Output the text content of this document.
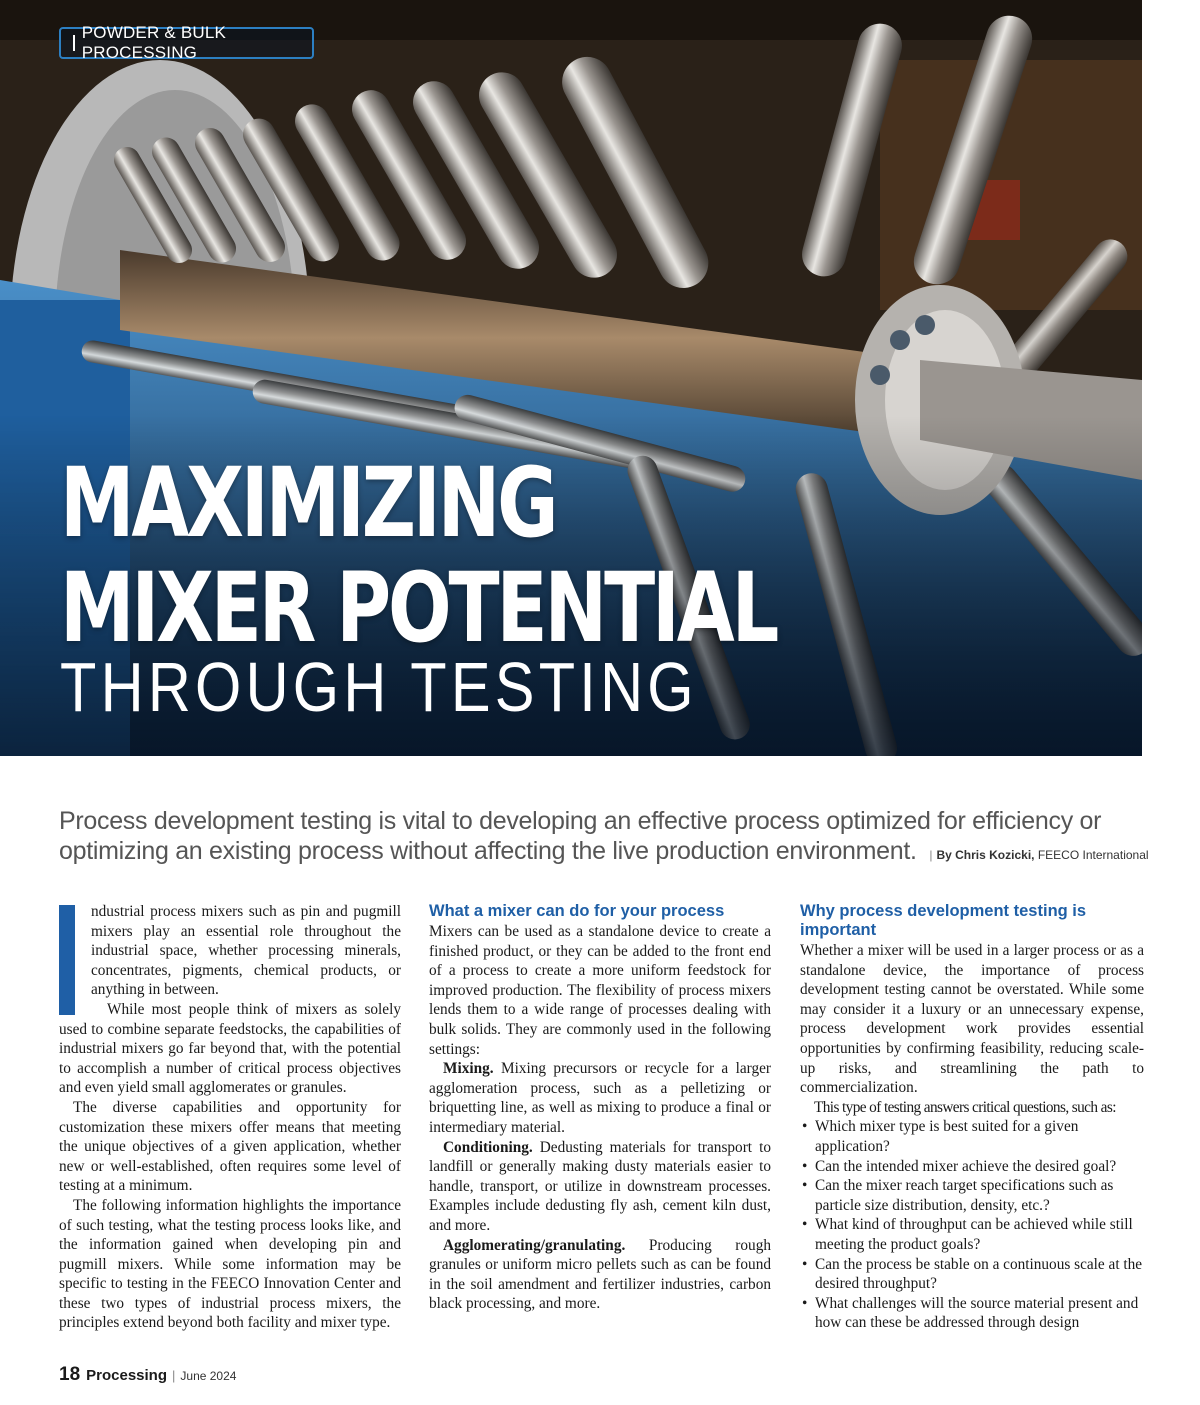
POWDER & BULK PROCESSING
MAXIMIZING
MIXER POTENTIAL
THROUGH TESTING
Process development testing is vital to developing an effective process optimized for efficiency or optimizing an existing process without affecting the live production environment. | By Chris Kozicki, FEECO International

ndustrial process mixers such as pin and pugmill mixers play an essential role throughout the industrial space, whether processing minerals, concentrates, pigments, chemical products, or anything in between.

While most people think of mixers as solely used to combine separate feedstocks, the capabilities of industrial mixers go far beyond that, with the potential to accomplish a number of critical process objectives and even yield small agglomerates or granules.

The diverse capabilities and opportunity for customization these mixers offer means that meeting the unique objectives of a given application, whether new or well-established, often requires some level of testing at a minimum.

The following information highlights the importance of such testing, what the testing process looks like, and the information gained when developing pin and pugmill mixers. While some information may be specific to testing in the FEECO Innovation Center and these two types of industrial process mixers, the principles extend beyond both facility and mixer type.

What a mixer can do for your process

Mixers can be used as a standalone device to create a finished product, or they can be added to the front end of a process to create a more uniform feedstock for improved production. The flexibility of process mixers lends them to a wide range of processes dealing with bulk solids. They are commonly used in the following settings:

Mixing. Mixing precursors or recycle for a larger agglomeration process, such as a pelletizing or briquetting line, as well as mixing to produce a final or intermediary material.

Conditioning. Dedusting materials for transport to landfill or generally making dusty materials easier to handle, transport, or utilize in downstream processes. Examples include dedusting fly ash, cement kiln dust, and more.

Agglomerating/granulating. Producing rough granules or uniform micro pellets such as can be found in the soil amendment and fertilizer industries, carbon black processing, and more.

Why process development testing is important

Whether a mixer will be used in a larger process or as a standalone device, the importance of process development testing cannot be overstated. While some may consider it a luxury or an unnecessary expense, process development work provides essential opportunities by confirming feasibility, reducing scale-up risks, and streamlining the path to commercialization.

This type of testing answers critical questions, such as:

• Which mixer type is best suited for a given application?
• Can the intended mixer achieve the desired goal?
• Can the mixer reach target specifications such as particle size distribution, density, etc.?
• What kind of throughput can be achieved while still meeting the product goals?
• Can the process be stable on a continuous scale at the desired throughput?
• What challenges will the source material present and how can these be addressed through design
18 Processing | June 2024
